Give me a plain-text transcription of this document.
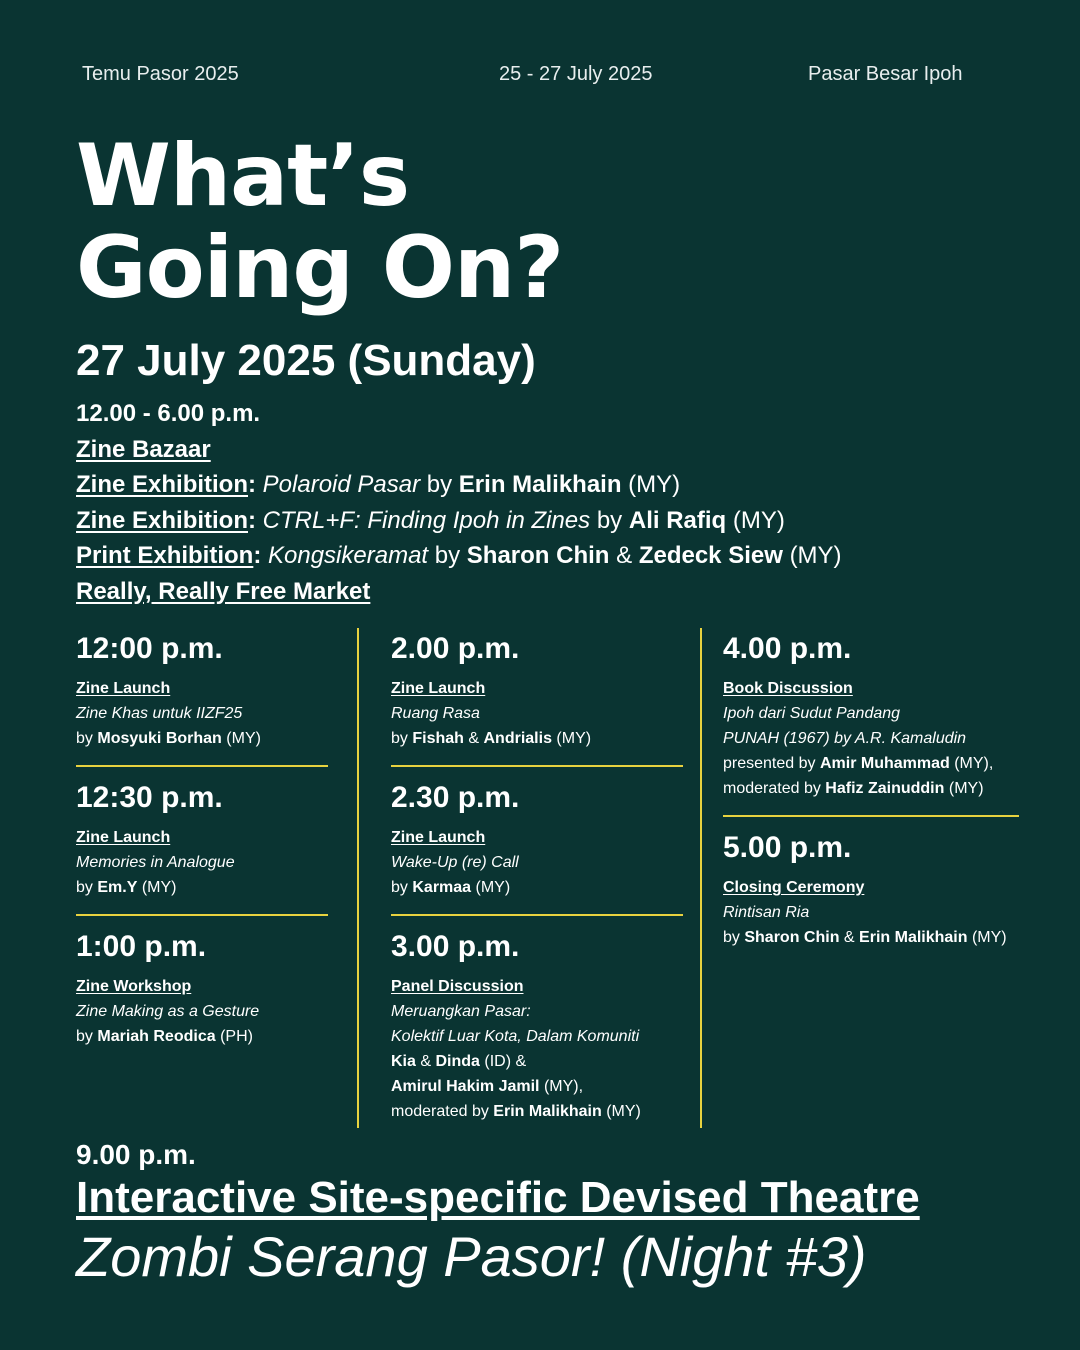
Temu Pasor 2025	25 - 27 July 2025	Pasar Besar Ipoh
What’s
Going On?
27 July 2025 (Sunday)
12.00 - 6.00 p.m.
Zine Bazaar
Zine Exhibition: Polaroid Pasar by Erin Malikhain (MY)
Zine Exhibition: CTRL+F: Finding Ipoh in Zines by Ali Rafiq (MY)
Print Exhibition: Kongsikeramat by Sharon Chin & Zedeck Siew (MY)
Really, Really Free Market
12:00 p.m.
Zine Launch
Zine Khas untuk IIZF25
by Mosyuki Borhan (MY)
12:30 p.m.
Zine Launch
Memories in Analogue
by Em.Y (MY)
1:00 p.m.
Zine Workshop
Zine Making as a Gesture
by Mariah Reodica (PH)
2.00 p.m.
Zine Launch
Ruang Rasa
by Fishah & Andrialis (MY)
2.30 p.m.
Zine Launch
Wake-Up (re) Call
by Karmaa (MY)
3.00 p.m.
Panel Discussion
Meruangkan Pasar:
Kolektif Luar Kota, Dalam Komuniti
Kia & Dinda (ID) &
Amirul Hakim Jamil (MY),
moderated by Erin Malikhain (MY)
4.00 p.m.
Book Discussion
Ipoh dari Sudut Pandang
PUNAH (1967) by A.R. Kamaludin
presented by Amir Muhammad (MY),
moderated by Hafiz Zainuddin (MY)
5.00 p.m.
Closing Ceremony
Rintisan Ria
by Sharon Chin & Erin Malikhain (MY)
9.00 p.m.
Interactive Site-specific Devised Theatre
Zombi Serang Pasor! (Night #3)
